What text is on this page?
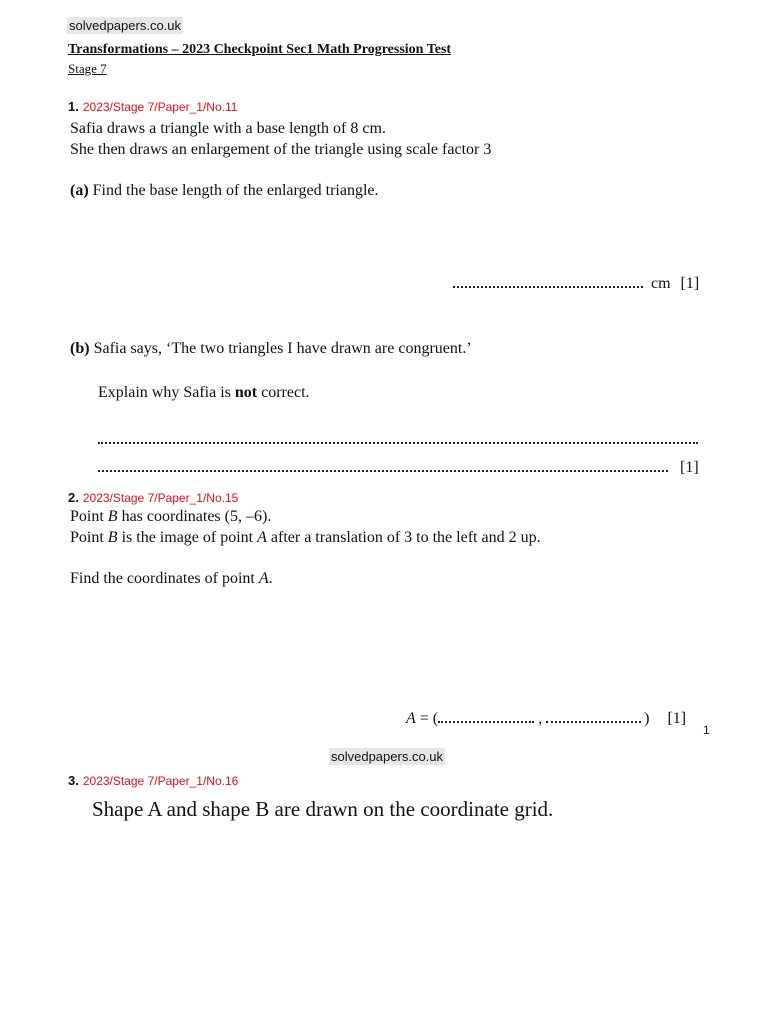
solvedpapers.co.uk
Transformations – 2023 Checkpoint Sec1 Math Progression Test
Stage 7
1. 2023/Stage 7/Paper_1/No.11
Safia draws a triangle with a base length of 8 cm.
She then draws an enlargement of the triangle using scale factor 3
(a) Find the base length of the enlarged triangle.
cm [1]
(b) Safia says, ‘The two triangles I have drawn are congruent.’
Explain why Safia is not correct.
[1]
2. 2023/Stage 7/Paper_1/No.15
Point B has coordinates (5, –6).
Point B is the image of point A after a translation of 3 to the left and 2 up.
Find the coordinates of point A.
A = (	,	) [1]
1
solvedpapers.co.uk
3. 2023/Stage 7/Paper_1/No.16
Shape A and shape B are drawn on the coordinate grid.
